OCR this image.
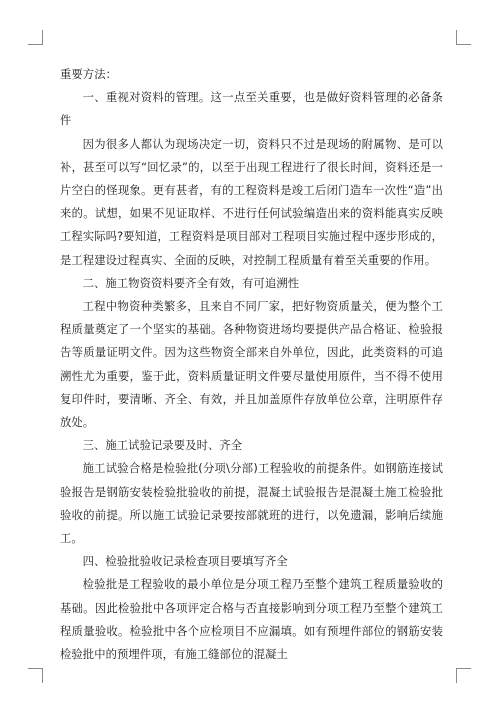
重要方法：

一、重视对资料的管理。这一点至关重要，也是做好资料管理的必备条件

因为很多人都认为现场决定一切，资料只不过是现场的附属物、是可以补，甚至可以写“回忆录”的，以至于出现工程进行了很长时间，资料还是一片空白的怪现象。更有甚者，有的工程资料是竣工后闭门造车一次性“造”出来的。试想，如果不见证取样、不进行任何试验编造出来的资料能真实反映工程实际吗?要知道，工程资料是项目部对工程项目实施过程中逐步形成的，是工程建设过程真实、全面的反映，对控制工程质量有着至关重要的作用。

二、施工物资资料要齐全有效，有可追溯性

工程中物资种类繁多，且来自不同厂家，把好物资质量关，便为整个工程质量奠定了一个坚实的基础。各种物资进场均要提供产品合格证、检验报告等质量证明文件。因为这些物资全部来自外单位，因此，此类资料的可追溯性尤为重要，鉴于此，资料质量证明文件要尽量使用原件，当不得不使用复印件时，要清晰、齐全、有效，并且加盖原件存放单位公章，注明原件存放处。

三、施工试验记录要及时、齐全

施工试验合格是检验批(分项\分部)工程验收的前提条件。如钢筋连接试验报告是钢筋安装检验批验收的前提，混凝土试验报告是混凝土施工检验批验收的前提。所以施工试验记录要按部就班的进行，以免遗漏，影响后续施工。

四、检验批验收记录检查项目要填写齐全

检验批是工程验收的最小单位是分项工程乃至整个建筑工程质量验收的基础。因此检验批中各项评定合格与否直接影响到分项工程乃至整个建筑工程质量验收。检验批中各个应检项目不应漏填。如有预埋件部位的钢筋安装检验批中的预埋件项，有施工缝部位的混凝土
